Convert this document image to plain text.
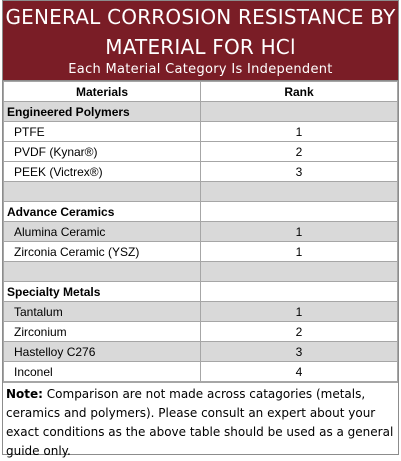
GENERAL CORROSION RESISTANCE BY
MATERIAL FOR HCl
Each Material Category Is Independent
Materials	Rank
Engineered Polymers	
PTFE	1
PVDF (Kynar®)	2
PEEK (Victrex®)	3

Advance Ceramics	
Alumina Ceramic	1
Zirconia Ceramic (YSZ)	1

Specialty Metals	
Tantalum	1
Zirconium	2
Hastelloy C276	3
Inconel	4
Note: Comparison are not made across catagories (metals, ceramics and polymers). Please consult an expert about your exact conditions as the above table should be used as a general guide only.
